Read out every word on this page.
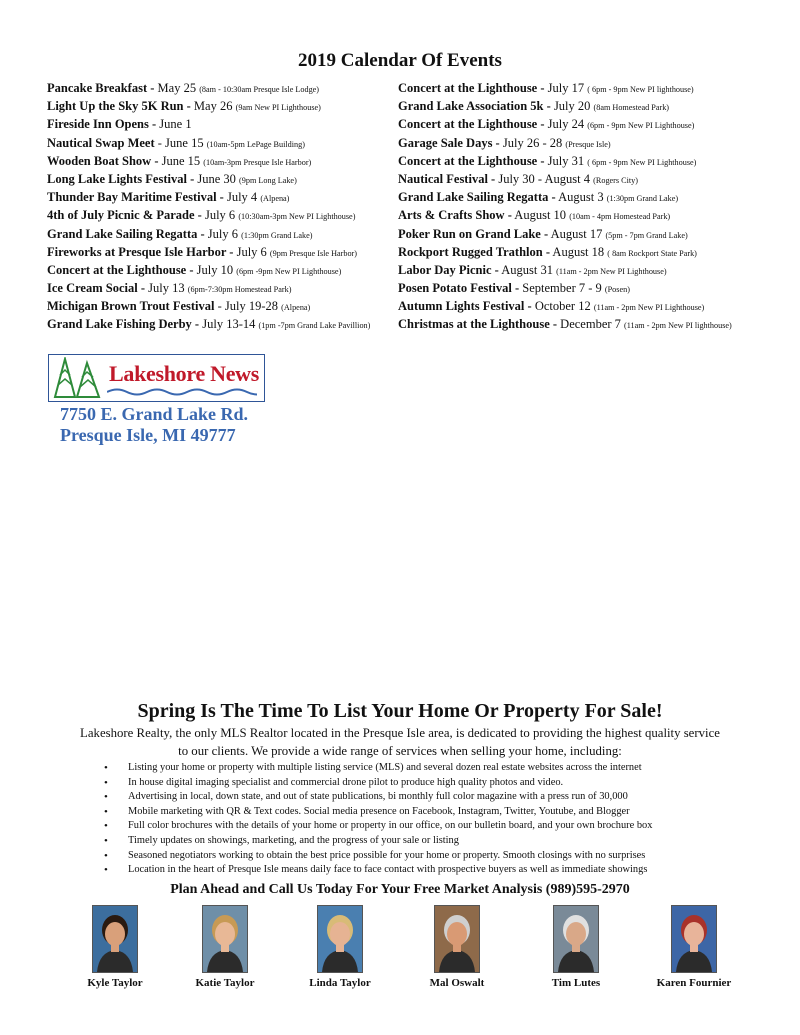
2019 Calendar Of Events
Pancake Breakfast - May 25 (8am - 10:30am Presque Isle Lodge)
Light Up the Sky 5K Run - May 26 (9am New PI Lighthouse)
Fireside Inn Opens - June 1
Nautical Swap Meet - June 15 (10am-5pm LePage Building)
Wooden Boat Show - June 15 (10am-3pm Presque Isle Harbor)
Long Lake Lights Festival - June 30 (9pm Long Lake)
Thunder Bay Maritime Festival - July 4 (Alpena)
4th of July Picnic & Parade - July 6 (10:30am-3pm New PI Lighthouse)
Grand Lake Sailing Regatta - July 6 (1:30pm Grand Lake)
Fireworks at Presque Isle Harbor - July 6 (9pm Presque Isle Harbor)
Concert at the Lighthouse - July 10 (6pm -9pm New PI Lighthouse)
Ice Cream Social - July 13 (6pm-7:30pm Homestead Park)
Michigan Brown Trout Festival - July 19-28 (Alpena)
Grand Lake Fishing Derby - July 13-14 (1pm -7pm Grand Lake Pavillion)
Concert at the Lighthouse - July 17 ( 6pm - 9pm New PI lighthouse)
Grand Lake Association 5k - July 20 (8am Homestead Park)
Concert at the Lighthouse - July 24 (6pm - 9pm New PI Lighthouse)
Garage Sale Days - July 26 - 28 (Presque Isle)
Concert at the Lighthouse - July 31 ( 6pm - 9pm New PI Lighthouse)
Nautical Festival - July 30 - August 4 (Rogers City)
Grand Lake Sailing Regatta - August 3 (1:30pm Grand Lake)
Arts & Crafts Show - August 10 (10am - 4pm Homestead Park)
Poker Run on Grand Lake - August 17 (5pm - 7pm Grand Lake)
Rockport Rugged Trathlon - August 18 ( 8am Rockport State Park)
Labor Day Picnic - August 31 (11am - 2pm New PI Lighthouse)
Posen Potato Festival - September 7 - 9 (Posen)
Autumn Lights Festival - October 12 (11am - 2pm New PI Lighthouse)
Christmas at the Lighthouse - December 7 (11am - 2pm New PI lighthouse)
Lakeshore News
7750 E. Grand Lake Rd.
Presque Isle, MI 49777
Spring Is The Time To List Your Home Or Property For Sale!
Lakeshore Realty, the only MLS Realtor located in the Presque Isle area, is dedicated to providing the highest quality service
to our clients. We provide a wide range of services when selling your home, including:
• Listing your home or property with multiple listing service (MLS) and several dozen real estate websites across the internet
• In house digital imaging specialist and commercial drone pilot to produce high quality photos and video.
• Advertising in local, down state, and out of state publications, bi monthly full color magazine with a press run of 30,000
• Mobile marketing with QR & Text codes. Social media presence on Facebook, Instagram, Twitter, Youtube, and Blogger
• Full color brochures with the details of your home or property in our office, on our bulletin board, and your own brochure box
• Timely updates on showings, marketing, and the progress of your sale or listing
• Seasoned negotiators working to obtain the best price possible for your home or property. Smooth closings with no surprises
• Location in the heart of Presque Isle means daily face to face contact with prospective buyers as well as immediate showings
Plan Ahead and Call Us Today For Your Free Market Analysis (989)595-2970
Kyle Taylor	Katie Taylor	Linda Taylor	Mal Oswalt	Tim Lutes	Karen Fournier
